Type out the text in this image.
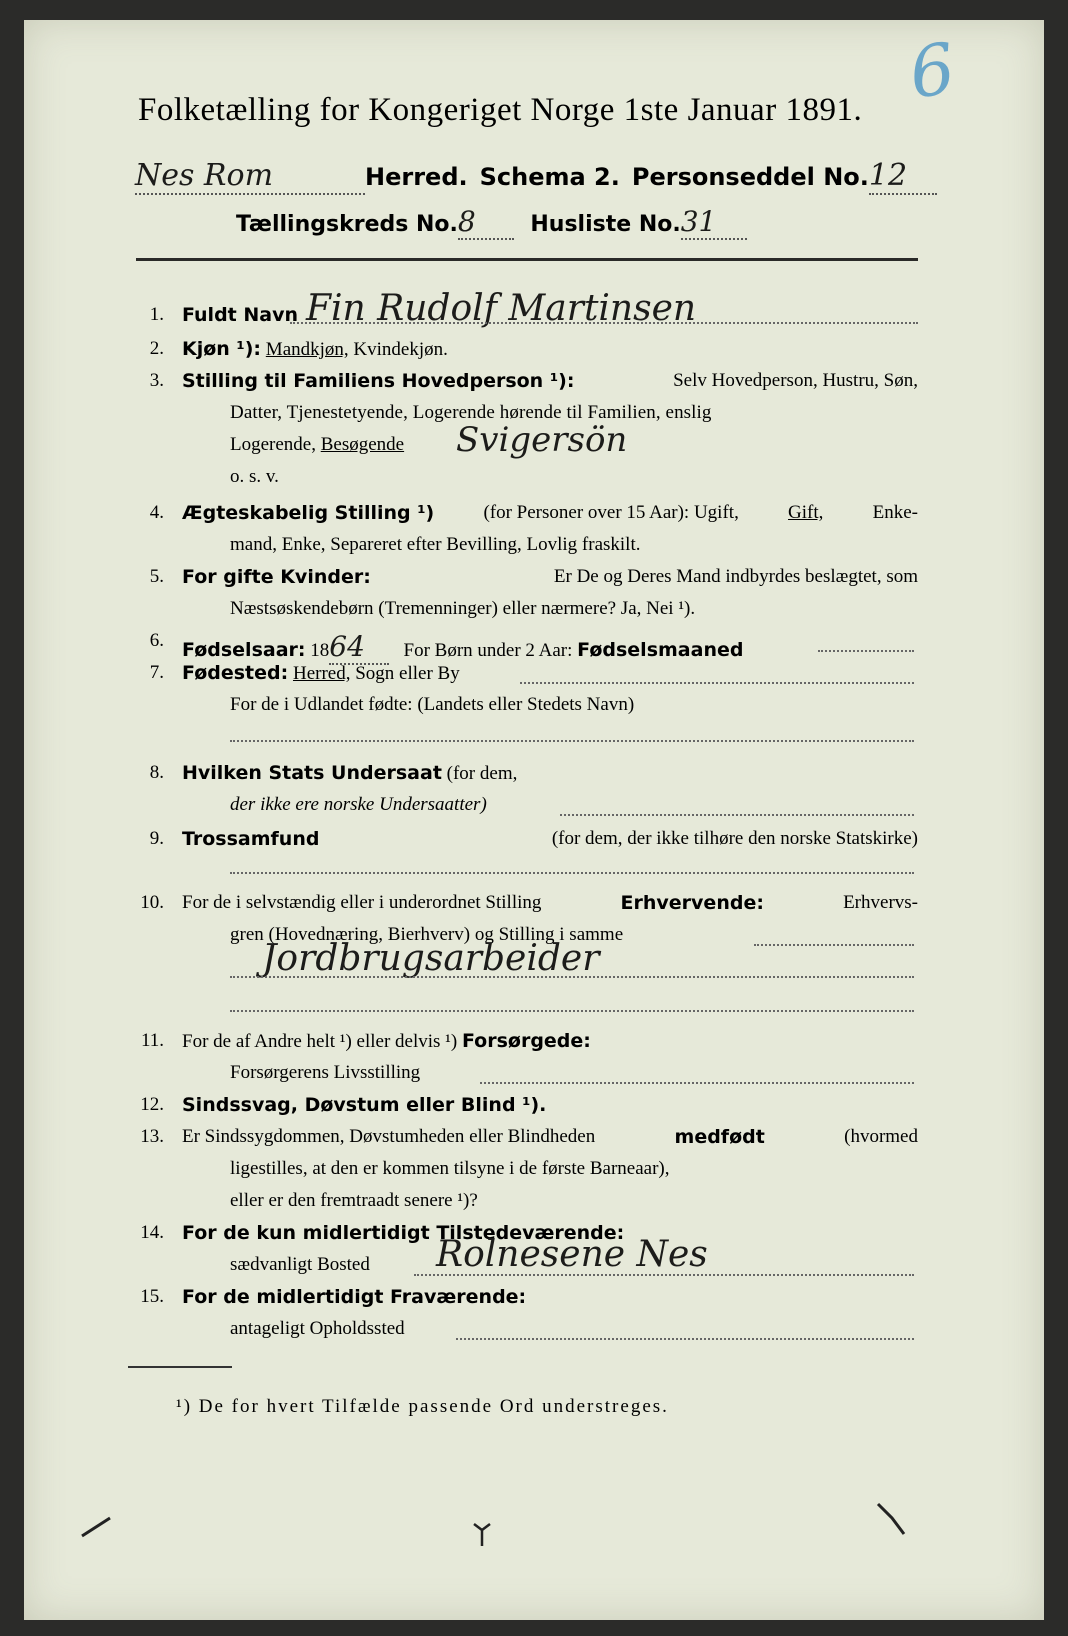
6
Folketælling for Kongeriget Norge 1ste Januar 1891.
Nes Rom	Herred. Schema 2. Personseddel No.12
Tællingskreds No.8 Husliste No.31
1. Fuldt Navn Fin Rudolf Martinsen
2. Kjøn ¹): Mandkjøn, Kvindekjøn.
3. Stilling til Familiens Hovedperson ¹):	Selv Hovedperson, Hustru, Søn,
Datter, Tjenestetyende, Logerende hørende til Familien, enslig
Logerende, Besøgende Svigersön
o. s. v.
4. Ægteskabelig Stilling ¹)	(for Personer over 15 Aar): Ugift,	Gift,	Enke-
mand, Enke, Separeret efter Bevilling, Lovlig fraskilt.
5. For gifte Kvinder:	Er De og Deres Mand indbyrdes beslægtet, som
Næstsøskendebørn (Tremenninger) eller nærmere? Ja, Nei ¹).
6. Fødselsaar: 1864 For Børn under 2 Aar: Fødselsmaaned
7. Fødested: Herred, Sogn eller By
For de i Udlandet fødte: (Landets eller Stedets Navn)
8. Hvilken Stats Undersaat (for dem,
der ikke ere norske Undersaatter)
9. Trossamfund	(for dem, der ikke tilhøre den norske Statskirke)
10. For de i selvstændig eller i underordnet Stilling	Erhvervende:	Erhvervs-
gren (Hovednæring, Bierhverv) og Stilling i samme
Jordbrugsarbeider
11. For de af Andre helt ¹) eller delvis ¹) Forsørgede:
Forsørgerens Livsstilling
12. Sindssvag, Døvstum eller Blind ¹).
13. Er Sindssygdommen, Døvstumheden eller Blindheden	medfødt	(hvormed
ligestilles, at den er kommen tilsyne i de første Barneaar),
eller er den fremtraadt senere ¹)?
14. For de kun midlertidigt Tilstedeværende:
sædvanligt Bosted Rolnesene Nes
15. For de midlertidigt Fraværende:
antageligt Opholdssted
¹) De for hvert Tilfælde passende Ord understreges.
